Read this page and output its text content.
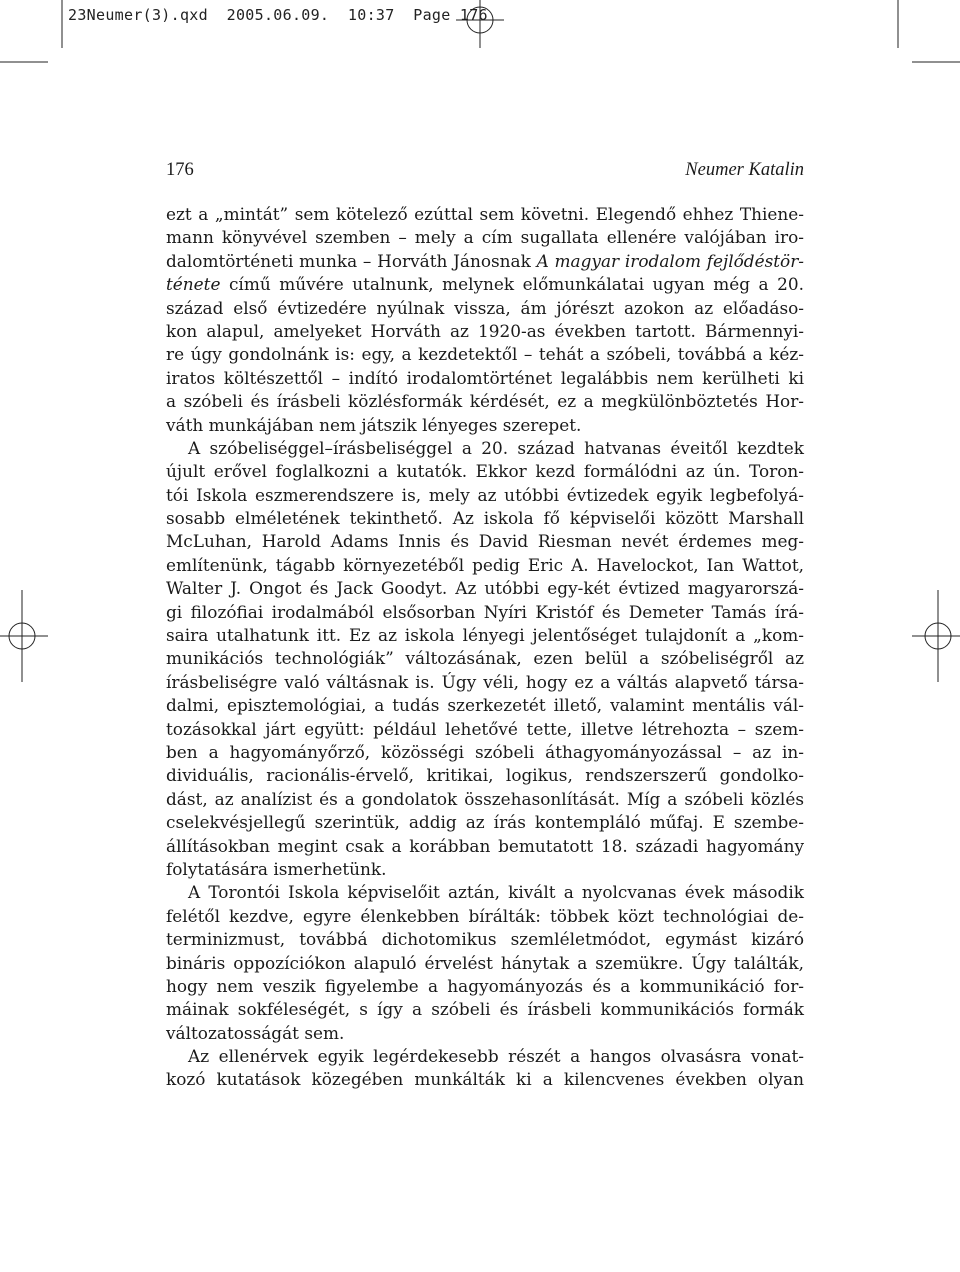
23Neumer(3).qxd  2005.06.09.  10:37  Page 176
176	Neumer Katalin
ezt a „mintát” sem kötelező ezúttal sem követni. Elegendő ehhez Thiene-
mann könyvével szemben – mely a cím sugallata ellenére valójában iro-
dalomtörténeti munka – Horváth Jánosnak A magyar irodalom fejlődéstör-
ténete című művére utalnunk, melynek előmunkálatai ugyan még a 20.
század első évtizedére nyúlnak vissza, ám jórészt azokon az előadáso-
kon alapul, amelyeket Horváth az 1920-as években tartott. Bármennyi-
re úgy gondolnánk is: egy, a kezdetektől – tehát a szóbeli, továbbá a kéz-
iratos költészettől – indító irodalomtörténet legalábbis nem kerülheti ki
a szóbeli és írásbeli közlésformák kérdését, ez a megkülönböztetés Hor-
váth munkájában nem játszik lényeges szerepet.
A szóbeliséggel–írásbeliséggel a 20. század hatvanas éveitől kezdtek
újult erővel foglalkozni a kutatók. Ekkor kezd formálódni az ún. Toron-
tói Iskola eszmerendszere is, mely az utóbbi évtizedek egyik legbefolyá-
sosabb elméletének tekinthető. Az iskola fő képviselői között Marshall
McLuhan, Harold Adams Innis és David Riesman nevét érdemes meg-
említenünk, tágabb környezetéből pedig Eric A. Havelockot, Ian Wattot,
Walter J. Ongot és Jack Goodyt. Az utóbbi egy-két évtized magyarorszá-
gi filozófiai irodalmából elsősorban Nyíri Kristóf és Demeter Tamás írá-
saira utalhatunk itt. Ez az iskola lényegi jelentőséget tulajdonít a „kom-
munikációs technológiák” változásának, ezen belül a szóbeliségről az
írásbeliségre való váltásnak is. Úgy véli, hogy ez a váltás alapvető társa-
dalmi, episztemológiai, a tudás szerkezetét illető, valamint mentális vál-
tozásokkal járt együtt: például lehetővé tette, illetve létrehozta – szem-
ben a hagyományőrző, közösségi szóbeli áthagyományozással – az in-
dividuális, racionális-érvelő, kritikai, logikus, rendszerszerű gondolko-
dást, az analízist és a gondolatok összehasonlítását. Míg a szóbeli közlés
cselekvésjellegű szerintük, addig az írás kontempláló műfaj. E szembe-
állításokban megint csak a korábban bemutatott 18. századi hagyomány
folytatására ismerhetünk.
A Torontói Iskola képviselőit aztán, kivált a nyolcvanas évek második
felétől kezdve, egyre élenkebben bírálták: többek közt technológiai de-
terminizmust, továbbá dichotomikus szemléletmódot, egymást kizáró
bináris oppozíciókon alapuló érvelést hánytak a szemükre. Úgy találták,
hogy nem veszik figyelembe a hagyományozás és a kommunikáció for-
máinak sokféleségét, s így a szóbeli és írásbeli kommunikációs formák
változatosságát sem.
Az ellenérvek egyik legérdekesebb részét a hangos olvasásra vonat-
kozó kutatások közegében munkálták ki a kilencvenes években olyan
